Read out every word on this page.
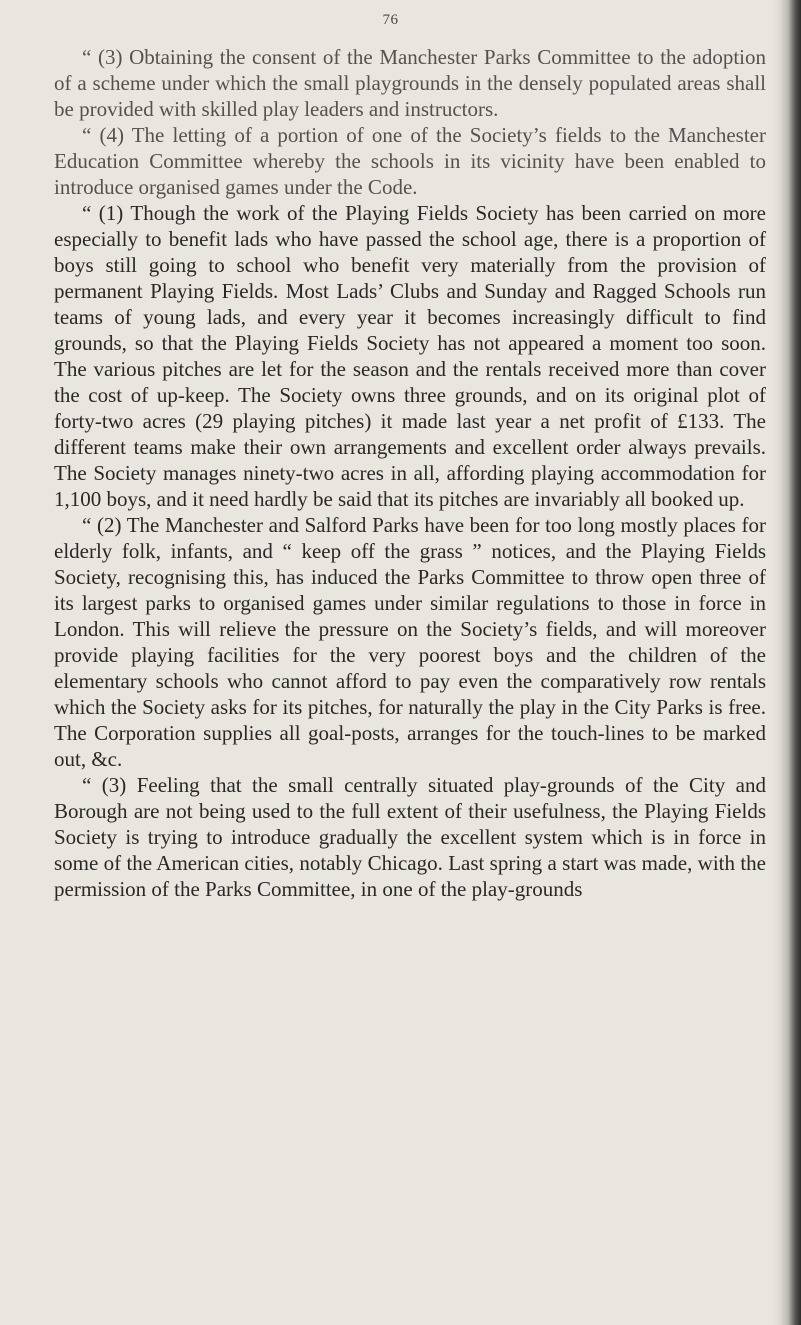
76

“ (3) Obtaining the consent of the Manchester Parks Committee to the adoption of a scheme under which the small playgrounds in the densely populated areas shall be provided with skilled play leaders and instructors.

“ (4) The letting of a portion of one of the Society’s fields to the Manchester Education Committee whereby the schools in its vicinity have been enabled to introduce organised games under the Code.

“ (1) Though the work of the Playing Fields Society has been carried on more especially to benefit lads who have passed the school age, there is a proportion of boys still going to school who benefit very materially from the provision of permanent Playing Fields. Most Lads’ Clubs and Sunday and Ragged Schools run teams of young lads, and every year it becomes increasingly difficult to find grounds, so that the Playing Fields Society has not appeared a moment too soon. The various pitches are let for the season and the rentals received more than cover the cost of up-keep. The Society owns three grounds, and on its original plot of forty-two acres (29 playing pitches) it made last year a net profit of £133. The different teams make their own arrangements and excellent order always prevails. The Society manages ninety-two acres in all, affording playing accommodation for 1,100 boys, and it need hardly be said that its pitches are invariably all booked up.

“ (2) The Manchester and Salford Parks have been for too long mostly places for elderly folk, infants, and “ keep off the grass ” notices, and the Playing Fields Society, recognising this, has induced the Parks Committee to throw open three of its largest parks to organised games under similar regulations to those in force in London. This will relieve the pressure on the Society’s fields, and will moreover provide playing facilities for the very poorest boys and the children of the elementary schools who cannot afford to pay even the comparatively row rentals which the Society asks for its pitches, for naturally the play in the City Parks is free. The Corporation supplies all goal-posts, arranges for the touch-lines to be marked out, &c.

“ (3) Feeling that the small centrally situated play-grounds of the City and Borough are not being used to the full extent of their usefulness, the Playing Fields Society is trying to introduce gradually the excellent system which is in force in some of the American cities, notably Chicago. Last spring a start was made, with the permission of the Parks Committee, in one of the play-grounds
